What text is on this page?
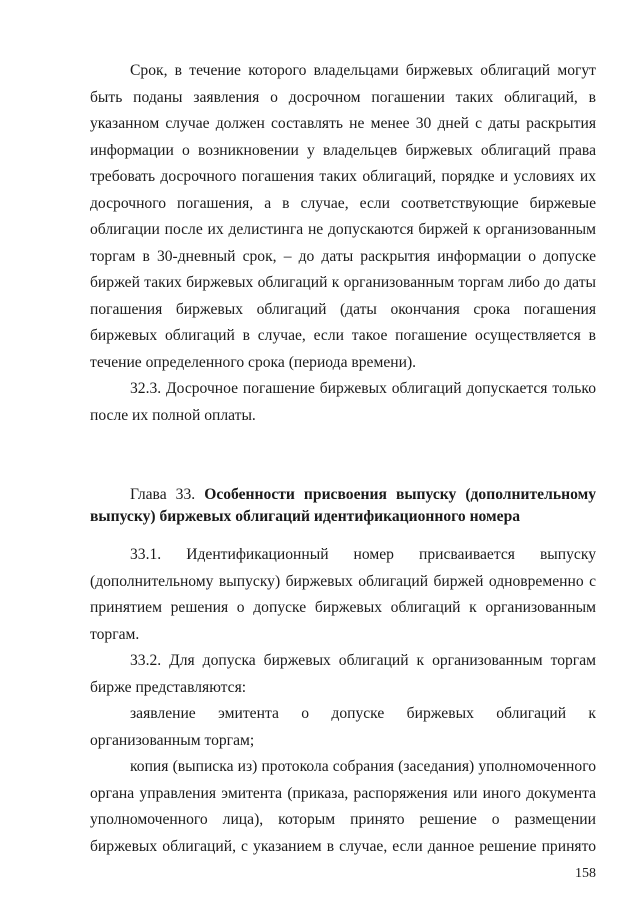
Срок, в течение которого владельцами биржевых облигаций могут быть поданы заявления о досрочном погашении таких облигаций, в указанном случае должен составлять не менее 30 дней с даты раскрытия информации о возникновении у владельцев биржевых облигаций права требовать досрочного погашения таких облигаций, порядке и условиях их досрочного погашения, а в случае, если соответствующие биржевые облигации после их делистинга не допускаются биржей к организованным торгам в 30-дневный срок, – до даты раскрытия информации о допуске биржей таких биржевых облигаций к организованным торгам либо до даты погашения биржевых облигаций (даты окончания срока погашения биржевых облигаций в случае, если такое погашение осуществляется в течение определенного срока (периода времени).

32.3. Досрочное погашение биржевых облигаций допускается только после их полной оплаты.

Глава 33. Особенности присвоения выпуску (дополнительному выпуску) биржевых облигаций идентификационного номера

33.1. Идентификационный номер присваивается выпуску (дополнительному выпуску) биржевых облигаций биржей одновременно с принятием решения о допуске биржевых облигаций к организованным торгам.

33.2. Для допуска биржевых облигаций к организованным торгам бирже представляются:

заявление эмитента о допуске биржевых облигаций к организованным торгам;

копия (выписка из) протокола собрания (заседания) уполномоченного органа управления эмитента (приказа, распоряжения или иного документа уполномоченного лица), которым принято решение о размещении биржевых облигаций, с указанием в случае, если данное решение принято

158
